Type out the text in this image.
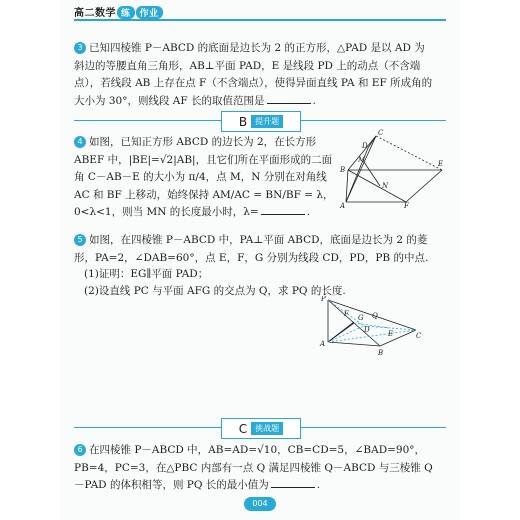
高二数学 练 作业
3 已知四棱锥 P－ABCD 的底面是边长为 2 的正方形，△PAD 是以 AD 为斜边的等腰直角三角形，AB⊥平面 PAD，E 是线段 PD 上的动点（不含端点），若线段 AB 上存在点 F（不含端点），使得异面直线 PA 和 EF 所成角的大小为 30°，则线段 AF 长的取值范围是	.
B	提升题
4 如图，已知正方形 ABCD 的边长为 2，在长方形 ABEF 中，|BE|=√2|AB|，且它们所在平面形成的二面角 C－AB－E 的大小为 π/4，点 M，N 分别在对角线 AC 和 BF 上移动，始终保持 AM/AC = BN/BF = λ，0<λ<1，则当 MN 的长度最小时，λ=	.
C
D
E
B
M
N
A	F
5 如图，在四棱锥 P－ABCD 中，PA⊥平面 ABCD，底面是边长为 2 的菱形，PA=2，∠DAB=60°，点 E，F，G 分别为线段 CD，PD，PB 的中点.
(1)证明：EG∥平面 PAD；
(2)设直线 PC 与平面 AFG 的交点为 Q，求 PQ 的长度.
P
F G Q
D	E
A
B
C
C	挑战题
6 在四棱锥 P－ABCD 中，AB=AD=√10，CB=CD=5，∠BAD=90°，PB=4，PC=3，在△PBC 内部有一点 Q 满足四棱锥 Q－ABCD 与三棱锥 Q－PAD 的体积相等，则 PQ 长的最小值为	.
004
